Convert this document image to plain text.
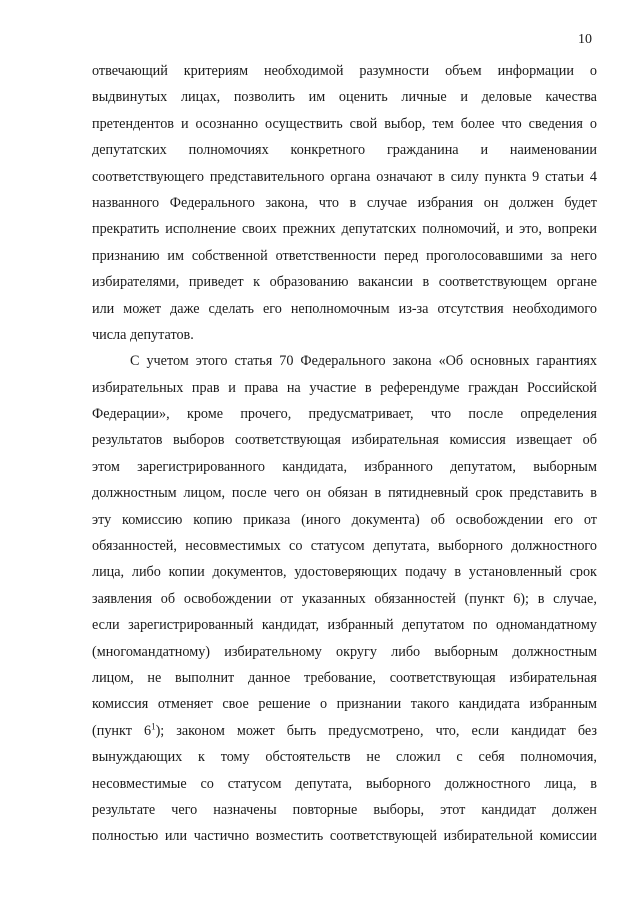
10
отвечающий критериям необходимой разумности объем информации о
выдвинутых лицах, позволить им оценить личные и деловые качества
претендентов и осознанно осуществить свой выбор, тем более что сведения о
депутатских полномочиях конкретного гражданина и наименовании
соответствующего представительного органа означают в силу пункта 9 статьи 4
названного Федерального закона, что в случае избрания он должен будет
прекратить исполнение своих прежних депутатских полномочий, и это, вопреки
признанию им собственной ответственности перед проголосовавшими за него
избирателями, приведет к образованию вакансии в соответствующем органе
или может даже сделать его неполномочным из-за отсутствия необходимого
числа депутатов.
С учетом этого статья 70 Федерального закона «Об основных гарантиях
избирательных прав и права на участие в референдуме граждан Российской
Федерации», кроме прочего, предусматривает, что после определения
результатов выборов соответствующая избирательная комиссия извещает об
этом зарегистрированного кандидата, избранного депутатом, выборным
должностным лицом, после чего он обязан в пятидневный срок представить в
эту комиссию копию приказа (иного документа) об освобождении его от
обязанностей, несовместимых со статусом депутата, выборного должностного
лица, либо копии документов, удостоверяющих подачу в установленный срок
заявления об освобождении от указанных обязанностей (пункт 6); в случае,
если зарегистрированный кандидат, избранный депутатом по одномандатному
(многомандатному) избирательному округу либо выборным должностным
лицом, не выполнит данное требование, соответствующая избирательная
комиссия отменяет свое решение о признании такого кандидата избранным
(пункт $6^1$); законом может быть предусмотрено, что, если кандидат без
вынуждающих к тому обстоятельств не сложил с себя полномочия,
несовместимые со статусом депутата, выборного должностного лица, в
результате чего назначены повторные выборы, этот кандидат должен
полностью или частично возместить соответствующей избирательной комиссии
